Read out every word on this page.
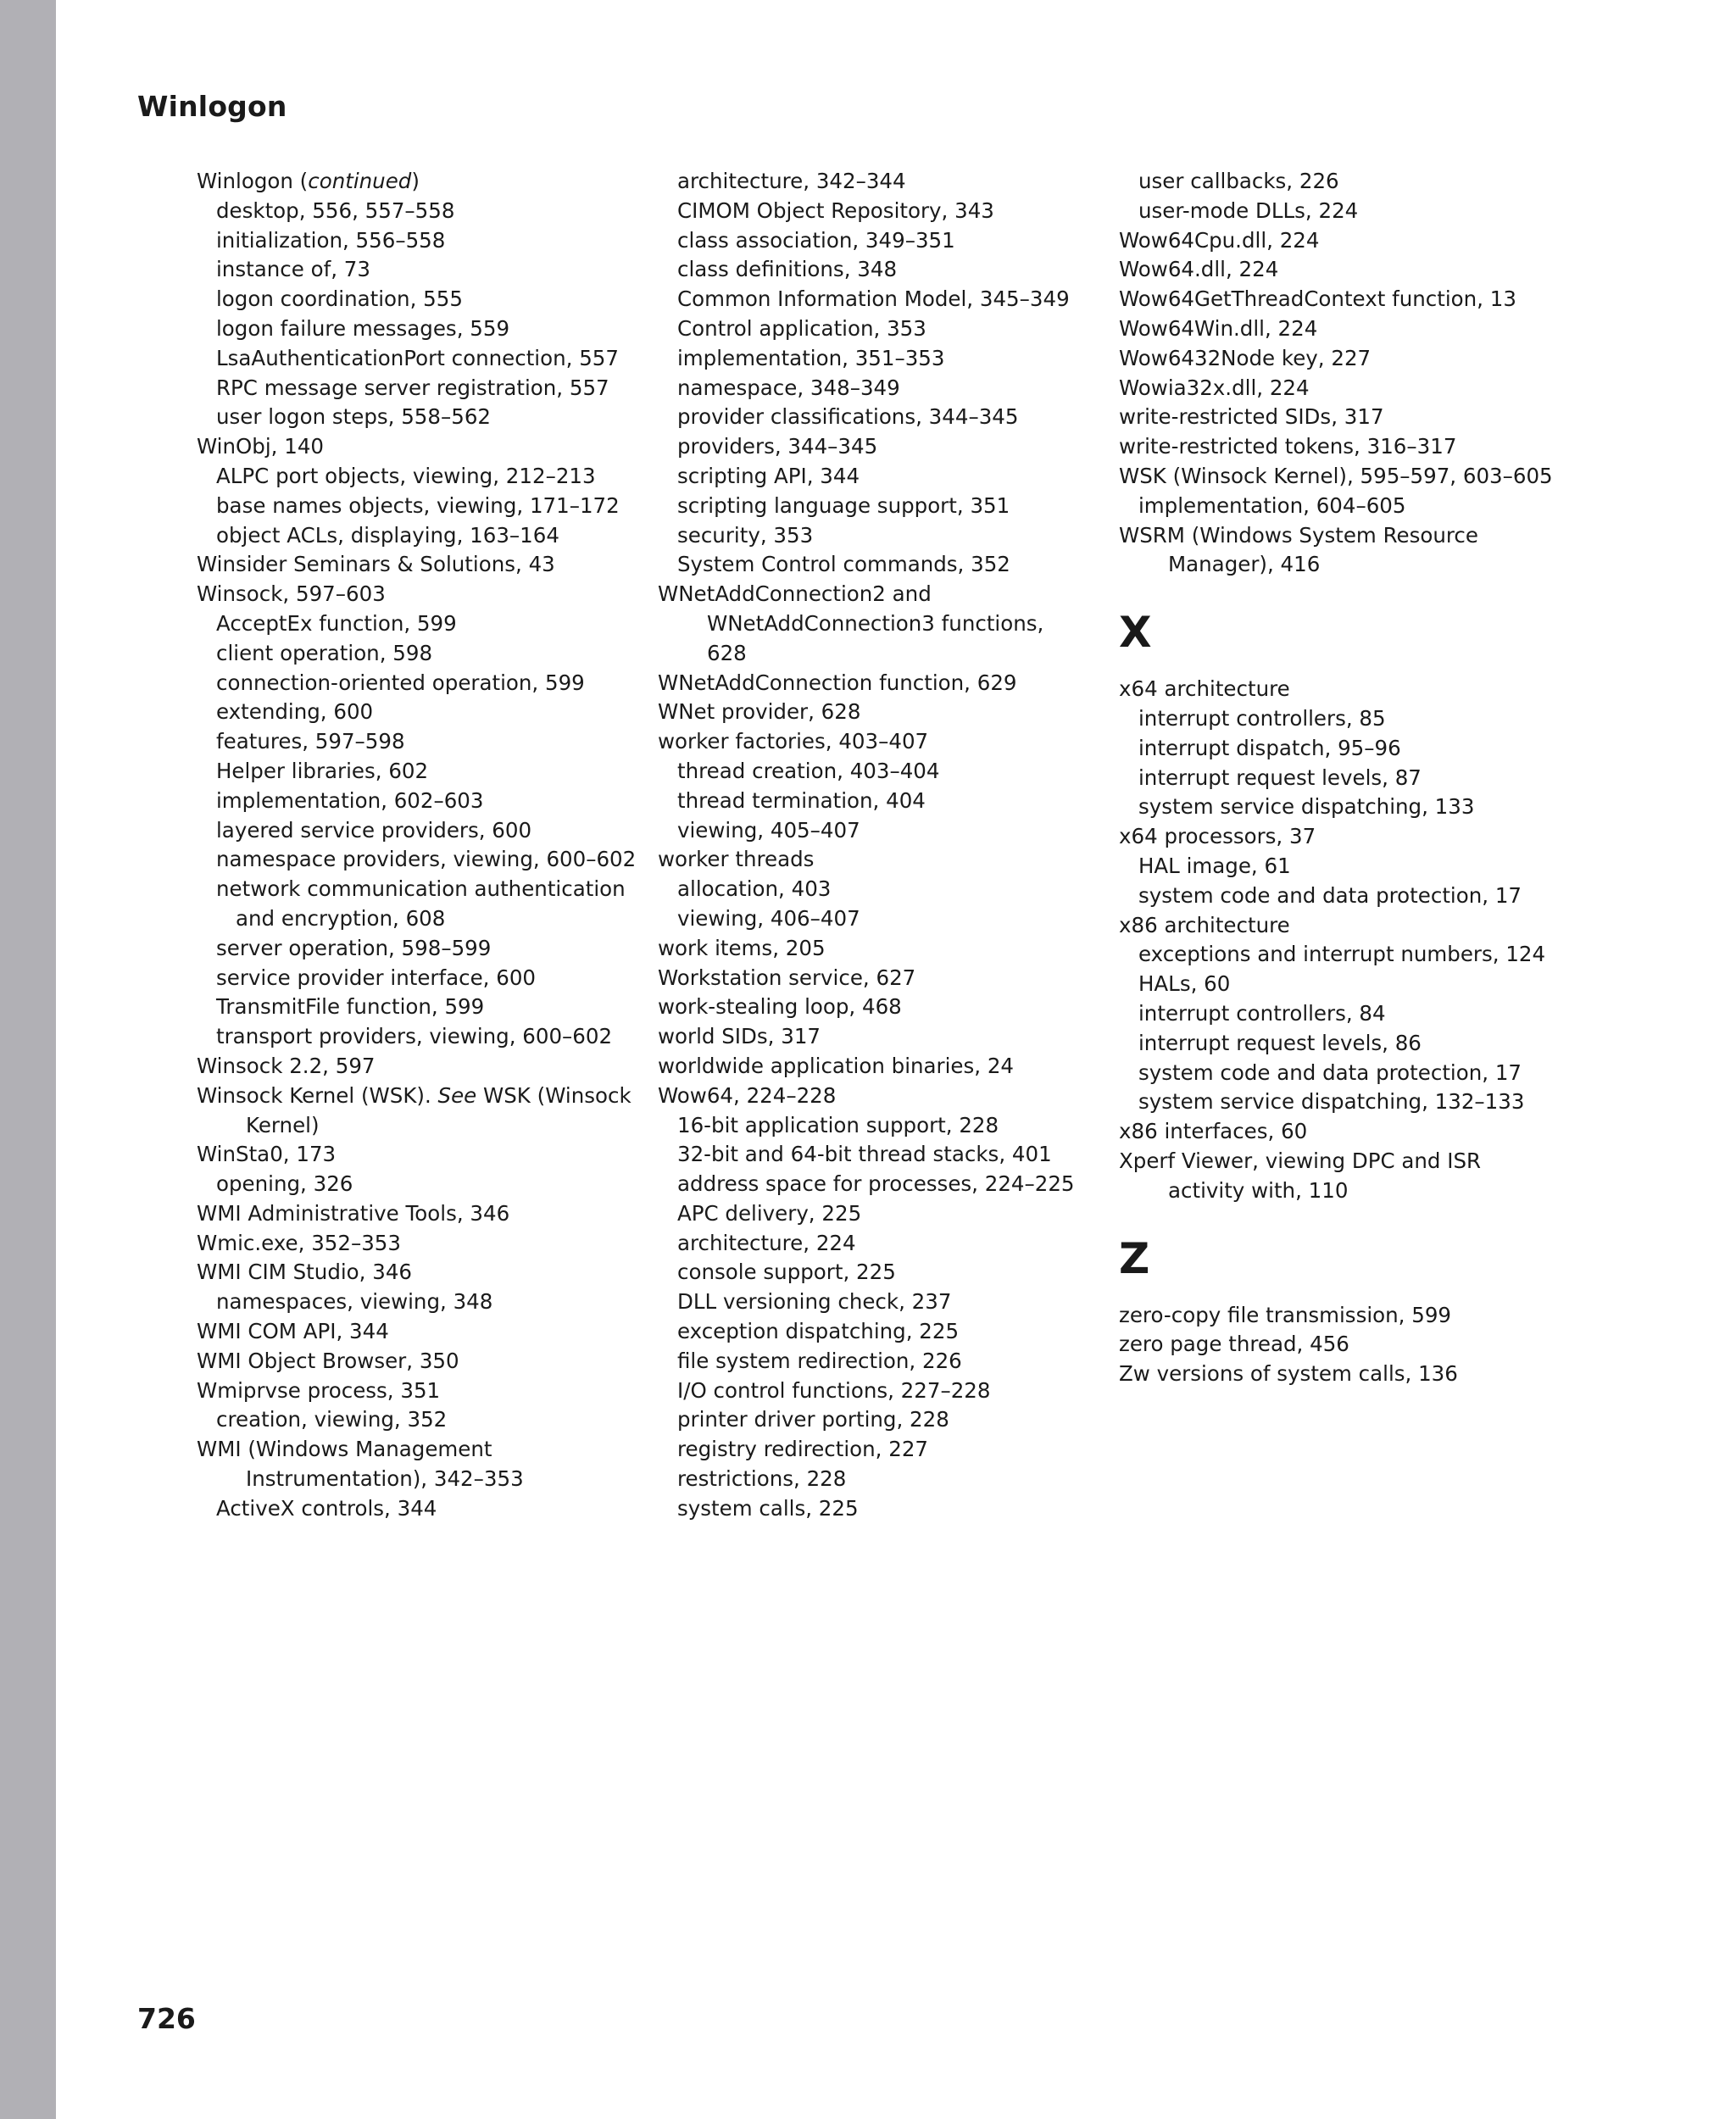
Winlogon
Winlogon (continued)
desktop, 556, 557–558
initialization, 556–558
instance of, 73
logon coordination, 555
logon failure messages, 559
LsaAuthenticationPort connection, 557
RPC message server registration, 557
user logon steps, 558–562
WinObj, 140
ALPC port objects, viewing, 212–213
base names objects, viewing, 171–172
object ACLs, displaying, 163–164
Winsider Seminars & Solutions, 43
Winsock, 597–603
AcceptEx function, 599
client operation, 598
connection-oriented operation, 599
extending, 600
features, 597–598
Helper libraries, 602
implementation, 602–603
layered service providers, 600
namespace providers, viewing, 600–602
network communication authentication
and encryption, 608
server operation, 598–599
service provider interface, 600
TransmitFile function, 599
transport providers, viewing, 600–602
Winsock 2.2, 597
Winsock Kernel (WSK). See WSK (Winsock
Kernel)
WinSta0, 173
opening, 326
WMI Administrative Tools, 346
Wmic.exe, 352–353
WMI CIM Studio, 346
namespaces, viewing, 348
WMI COM API, 344
WMI Object Browser, 350
Wmiprvse process, 351
creation, viewing, 352
WMI (Windows Management
Instrumentation), 342–353
ActiveX controls, 344
architecture, 342–344
CIMOM Object Repository, 343
class association, 349–351
class definitions, 348
Common Information Model, 345–349
Control application, 353
implementation, 351–353
namespace, 348–349
provider classifications, 344–345
providers, 344–345
scripting API, 344
scripting language support, 351
security, 353
System Control commands, 352
WNetAddConnection2 and
WNetAddConnection3 functions,
628
WNetAddConnection function, 629
WNet provider, 628
worker factories, 403–407
thread creation, 403–404
thread termination, 404
viewing, 405–407
worker threads
allocation, 403
viewing, 406–407
work items, 205
Workstation service, 627
work-stealing loop, 468
world SIDs, 317
worldwide application binaries, 24
Wow64, 224–228
16-bit application support, 228
32-bit and 64-bit thread stacks, 401
address space for processes, 224–225
APC delivery, 225
architecture, 224
console support, 225
DLL versioning check, 237
exception dispatching, 225
file system redirection, 226
I/O control functions, 227–228
printer driver porting, 228
registry redirection, 227
restrictions, 228
system calls, 225
user callbacks, 226
user-mode DLLs, 224
Wow64Cpu.dll, 224
Wow64.dll, 224
Wow64GetThreadContext function, 13
Wow64Win.dll, 224
Wow6432Node key, 227
Wowia32x.dll, 224
write-restricted SIDs, 317
write-restricted tokens, 316–317
WSK (Winsock Kernel), 595–597, 603–605
implementation, 604–605
WSRM (Windows System Resource
Manager), 416
X
x64 architecture
interrupt controllers, 85
interrupt dispatch, 95–96
interrupt request levels, 87
system service dispatching, 133
x64 processors, 37
HAL image, 61
system code and data protection, 17
x86 architecture
exceptions and interrupt numbers, 124
HALs, 60
interrupt controllers, 84
interrupt request levels, 86
system code and data protection, 17
system service dispatching, 132–133
x86 interfaces, 60
Xperf Viewer, viewing DPC and ISR
activity with, 110
Z
zero-copy file transmission, 599
zero page thread, 456
Zw versions of system calls, 136
726
